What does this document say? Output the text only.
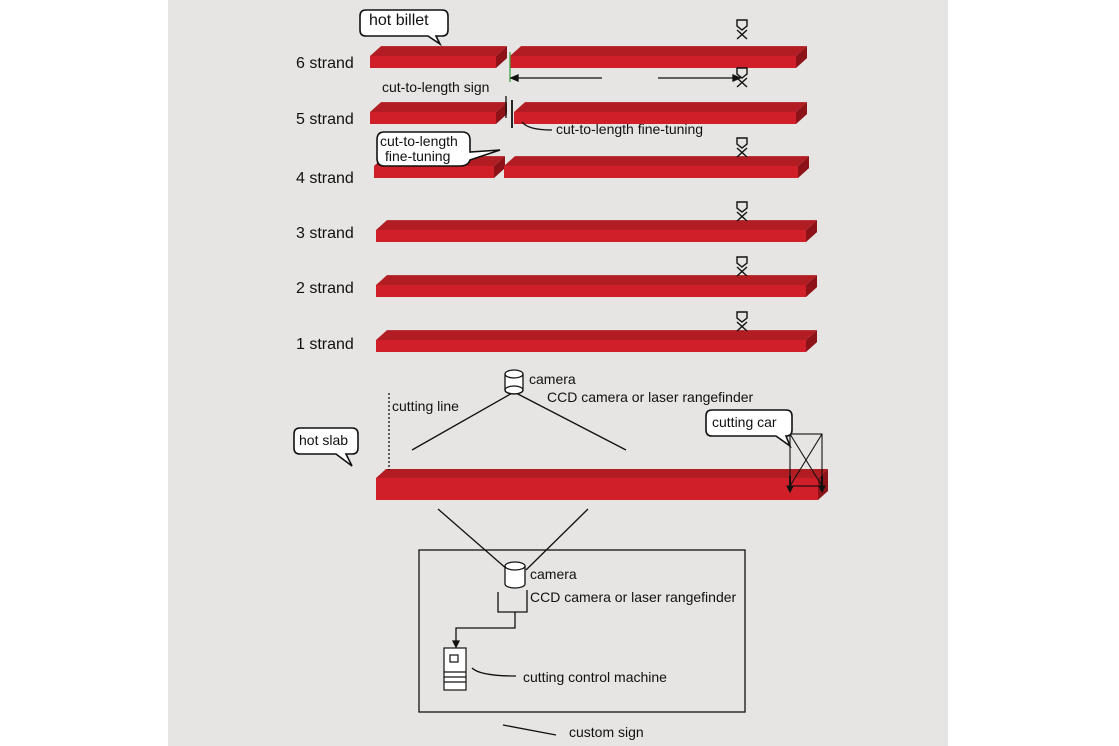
6 strand
5 strand
4 strand
3 strand
2 strand
1 strand
hot billet
cut-to-length
fine-tuning
hot slab
cutting car
cut-to-length sign
cut-to-length fine-tuning
camera
CCD camera or laser rangefinder
cutting line
camera
CCD camera or laser rangefinder
cutting control machine
custom sign
